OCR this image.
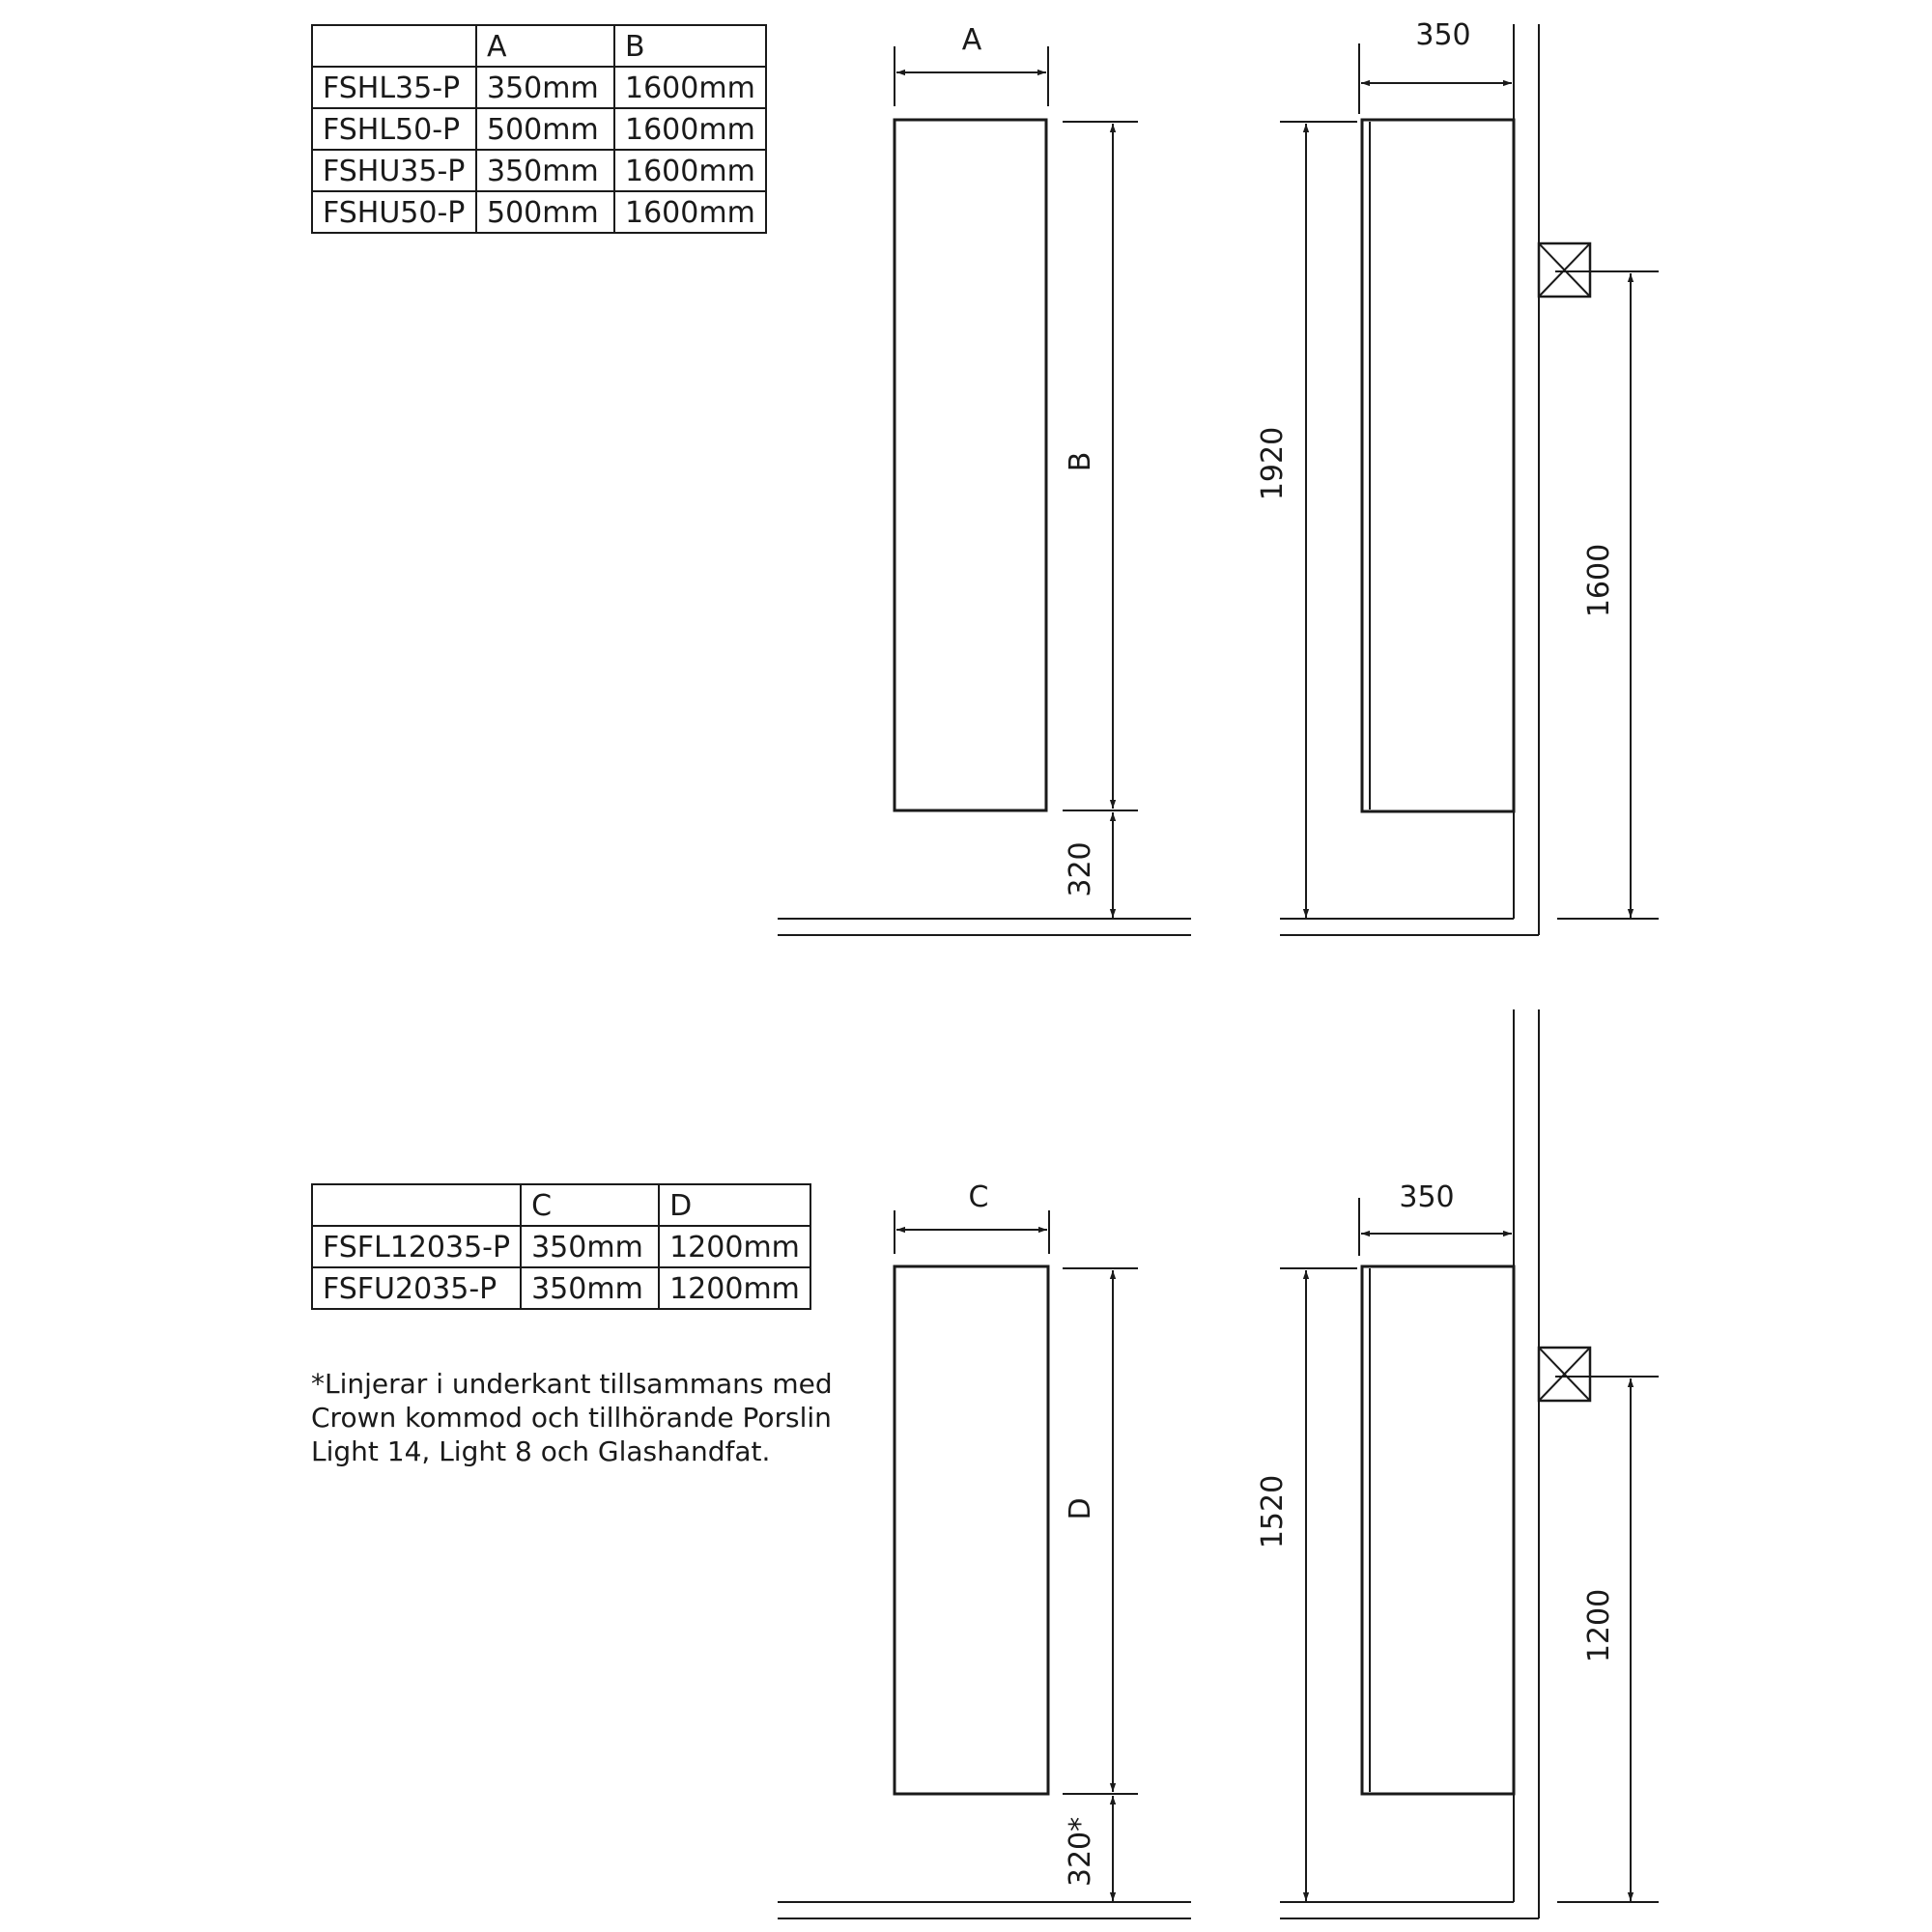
	A	B
FSHL35-P	350mm	1600mm
FSHL50-P	500mm	1600mm
FSHU35-P	350mm	1600mm
FSHU50-P	500mm	1600mm
	C	D
FSFL12035-P	350mm	1200mm
FSFU2035-P	350mm	1200mm
*Linjerar i underkant tillsammans med
Crown kommod och tillhörande Porslin
Light 14, Light 8 och Glashandfat.
A
B
320
350
1920
1600
C
D
320*
350
1520
1200
